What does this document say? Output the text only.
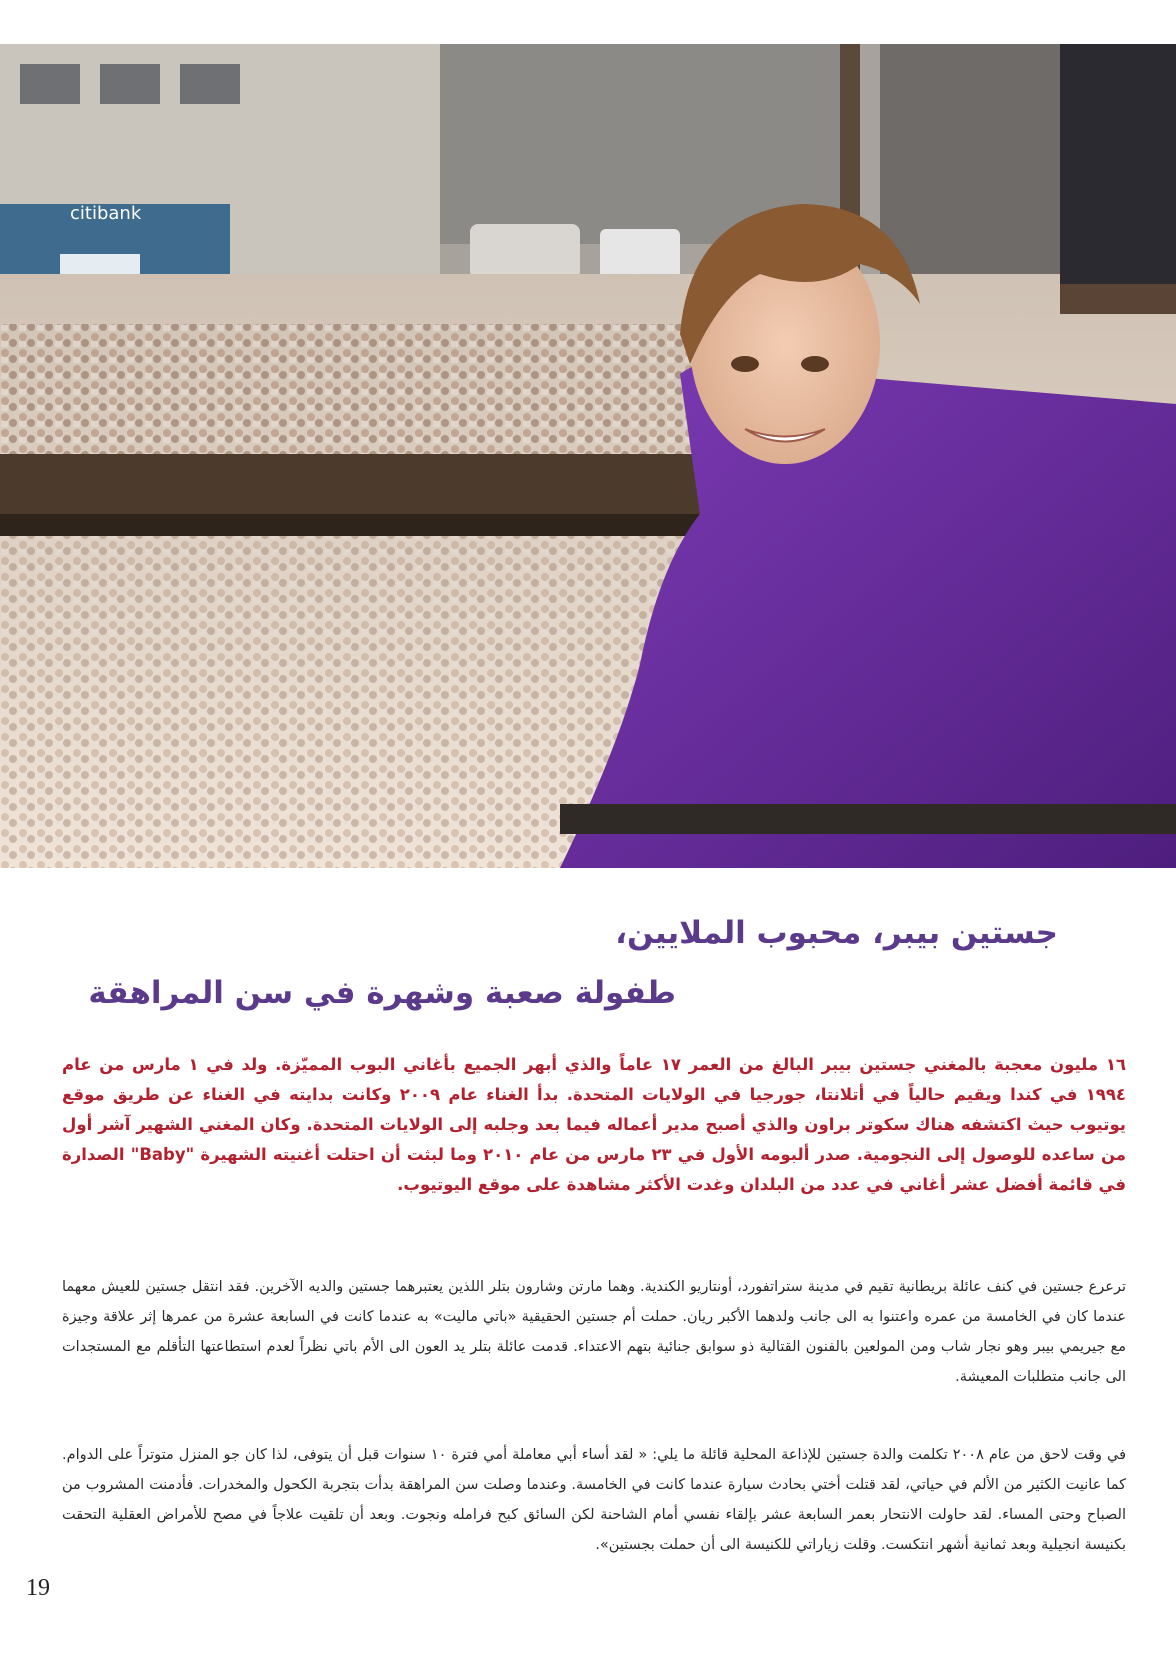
citibank
جستين بيبر، محبوب الملايين،
طفولة صعبة وشهرة في سن المراهقة
١٦ مليون معجبة بالمغني جستين بيبر البالغ من العمر ١٧ عاماً والذي أبهر الجميع بأغاني البوب المميّزة. ولد في ١ مارس من عام ١٩٩٤ في كندا ويقيم حالياً في أتلانتا، جورجيا في الولايات المتحدة. بدأ الغناء عام ٢٠٠٩ وكانت بدايته في الغناء عن طريق موقع يوتيوب حيث اكتشفه هناك سكوتر براون والذي أصبح مدير أعماله فيما بعد وجلبه إلى الولايات المتحدة. وكان المغني الشهير آشر أول من ساعده للوصول إلى النجومية. صدر ألبومه الأول في ٢٣ مارس من عام ٢٠١٠ وما لبثت أن احتلت أغنيته الشهيرة "Baby" الصدارة في قائمة أفضل عشر أغاني في عدد من البلدان وغدت الأكثر مشاهدة على موقع اليوتيوب.
ترعرع جستين في كنف عائلة بريطانية تقيم في مدينة ستراتفورد، أونتاريو الكندية. وهما مارتن وشارون بتلر اللذين يعتبرهما جستين والديه الآخرين. فقد انتقل جستين للعيش معهما عندما كان في الخامسة من عمره واعتنوا به الى جانب ولدهما الأكبر ريان. حملت أم جستين الحقيقية «باتي ماليت» به عندما كانت في السابعة عشرة من عمرها إثر علاقة وجيزة مع جيريمي بيبر وهو نجار شاب ومن المولعين بالفنون القتالية ذو سوابق جنائية بتهم الاعتداء. قدمت عائلة بتلر يد العون الى الأم باتي نظراً لعدم استطاعتها التأقلم مع المستجدات الى جانب متطلبات المعيشة.
في وقت لاحق من عام ٢٠٠٨ تكلمت والدة جستين للإذاعة المحلية قائلة ما يلي: « لقد أساء أبي معاملة أمي فترة ١٠ سنوات قبل أن يتوفى، لذا كان جو المنزل متوتراً على الدوام. كما عانيت الكثير من الألم في حياتي، لقد قتلت أختي بحادث سيارة عندما كانت في الخامسة. وعندما وصلت سن المراهقة بدأت بتجربة الكحول والمخدرات. فأدمنت المشروب من الصباح وحتى المساء. لقد حاولت الانتحار بعمر السابعة عشر بإلقاء نفسي أمام الشاحنة لكن السائق كبح فرامله ونجوت. وبعد أن تلقيت علاجاً في مصح للأمراض العقلية التحقت بكنيسة انجيلية وبعد ثمانية أشهر انتكست. وقلت زياراتي للكنيسة الى أن حملت بجستين».
19
